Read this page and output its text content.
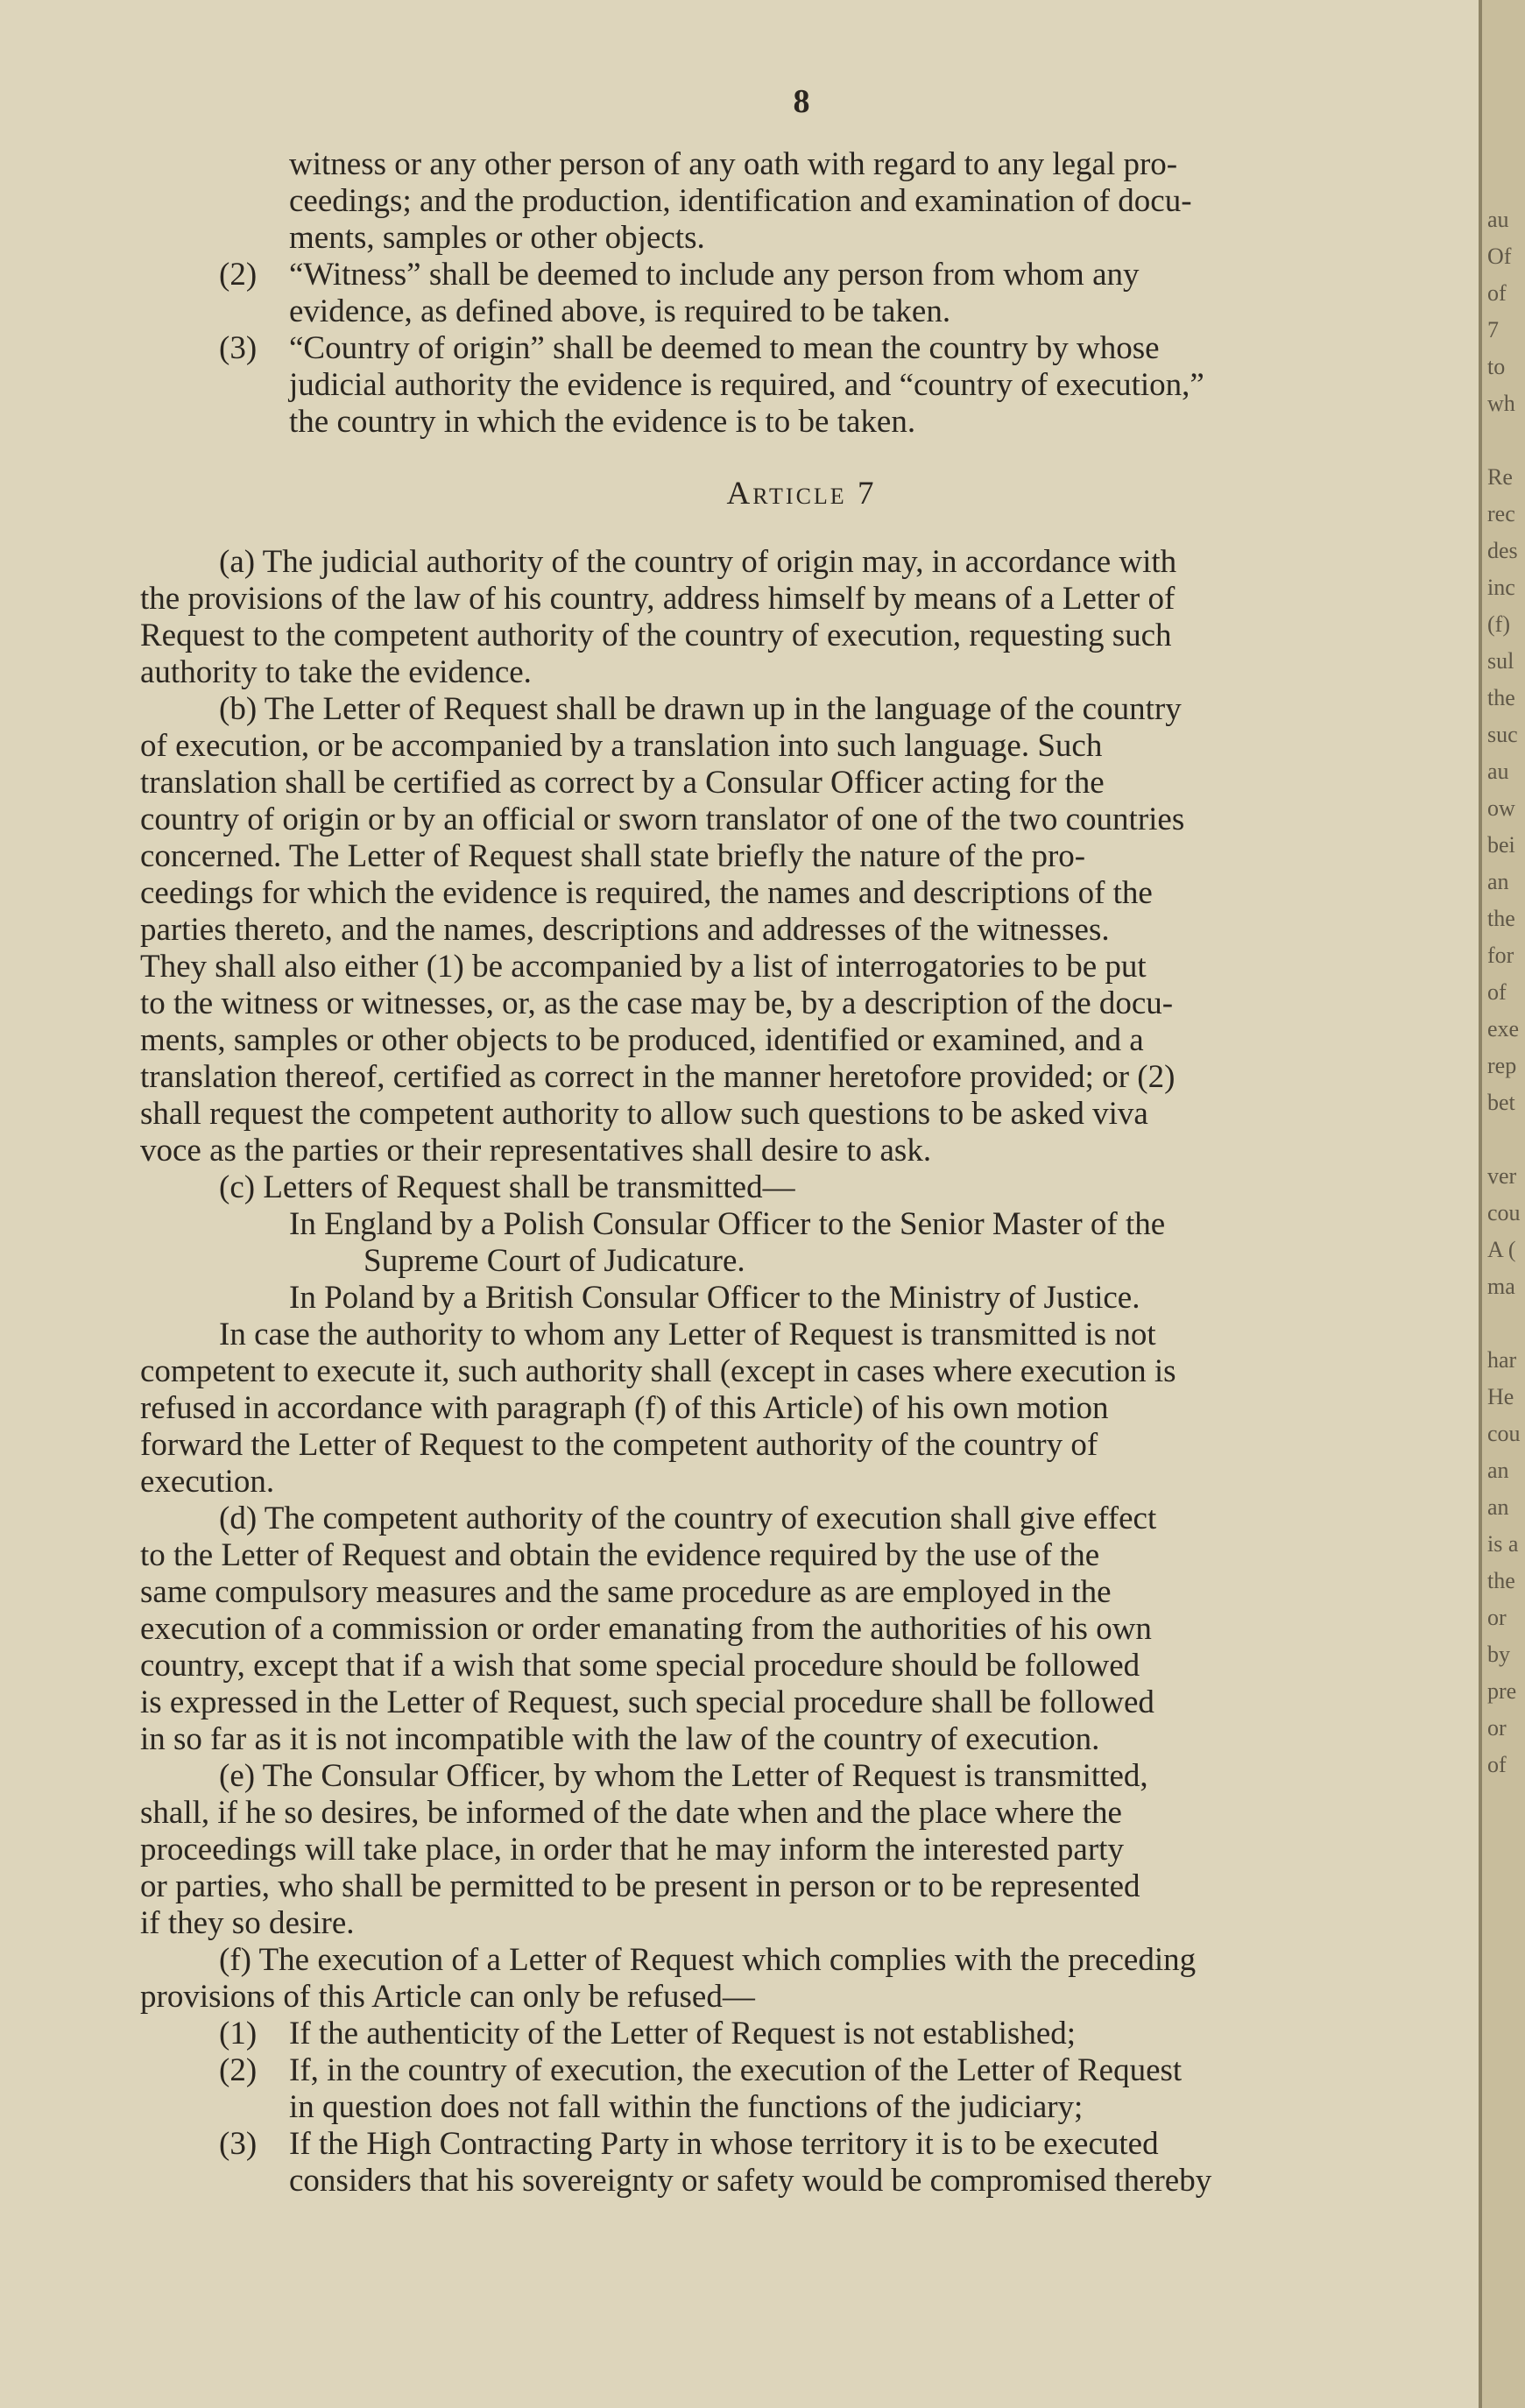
8
witness or any other person of any oath with regard to any legal pro-
ceedings; and the production, identification and examination of docu-
ments, samples or other objects.
(2) “Witness” shall be deemed to include any person from whom any
evidence, as defined above, is required to be taken.
(3) “Country of origin” shall be deemed to mean the country by whose
judicial authority the evidence is required, and “country of execution,”
the country in which the evidence is to be taken.
Article 7
(a) The judicial authority of the country of origin may, in accordance with
the provisions of the law of his country, address himself by means of a Letter of
Request to the competent authority of the country of execution, requesting such
authority to take the evidence.
(b) The Letter of Request shall be drawn up in the language of the country
of execution, or be accompanied by a translation into such language. Such
translation shall be certified as correct by a Consular Officer acting for the
country of origin or by an official or sworn translator of one of the two countries
concerned. The Letter of Request shall state briefly the nature of the pro-
ceedings for which the evidence is required, the names and descriptions of the
parties thereto, and the names, descriptions and addresses of the witnesses.
They shall also either (1) be accompanied by a list of interrogatories to be put
to the witness or witnesses, or, as the case may be, by a description of the docu-
ments, samples or other objects to be produced, identified or examined, and a
translation thereof, certified as correct in the manner heretofore provided; or (2)
shall request the competent authority to allow such questions to be asked viva
voce as the parties or their representatives shall desire to ask.
(c) Letters of Request shall be transmitted—
In England by a Polish Consular Officer to the Senior Master of the
Supreme Court of Judicature.
In Poland by a British Consular Officer to the Ministry of Justice.
In case the authority to whom any Letter of Request is transmitted is not
competent to execute it, such authority shall (except in cases where execution is
refused in accordance with paragraph (f) of this Article) of his own motion
forward the Letter of Request to the competent authority of the country of
execution.
(d) The competent authority of the country of execution shall give effect
to the Letter of Request and obtain the evidence required by the use of the
same compulsory measures and the same procedure as are employed in the
execution of a commission or order emanating from the authorities of his own
country, except that if a wish that some special procedure should be followed
is expressed in the Letter of Request, such special procedure shall be followed
in so far as it is not incompatible with the law of the country of execution.
(e) The Consular Officer, by whom the Letter of Request is transmitted,
shall, if he so desires, be informed of the date when and the place where the
proceedings will take place, in order that he may inform the interested party
or parties, who shall be permitted to be present in person or to be represented
if they so desire.
(f) The execution of a Letter of Request which complies with the preceding
provisions of this Article can only be refused—
(1) If the authenticity of the Letter of Request is not established;
(2) If, in the country of execution, the execution of the Letter of Request
in question does not fall within the functions of the judiciary;
(3) If the High Contracting Party in whose territory it is to be executed
considers that his sovereignty or safety would be compromised thereby
au
Of
of
7
to
wh
Re
rec
des
inc
(f)
sul
the
suc
au
ow
bei
an
the
for
of
exe
rep
bet
ver
cou
A (
ma
har
He
cou
an
an
is a
the
or
by
pre
or
of
